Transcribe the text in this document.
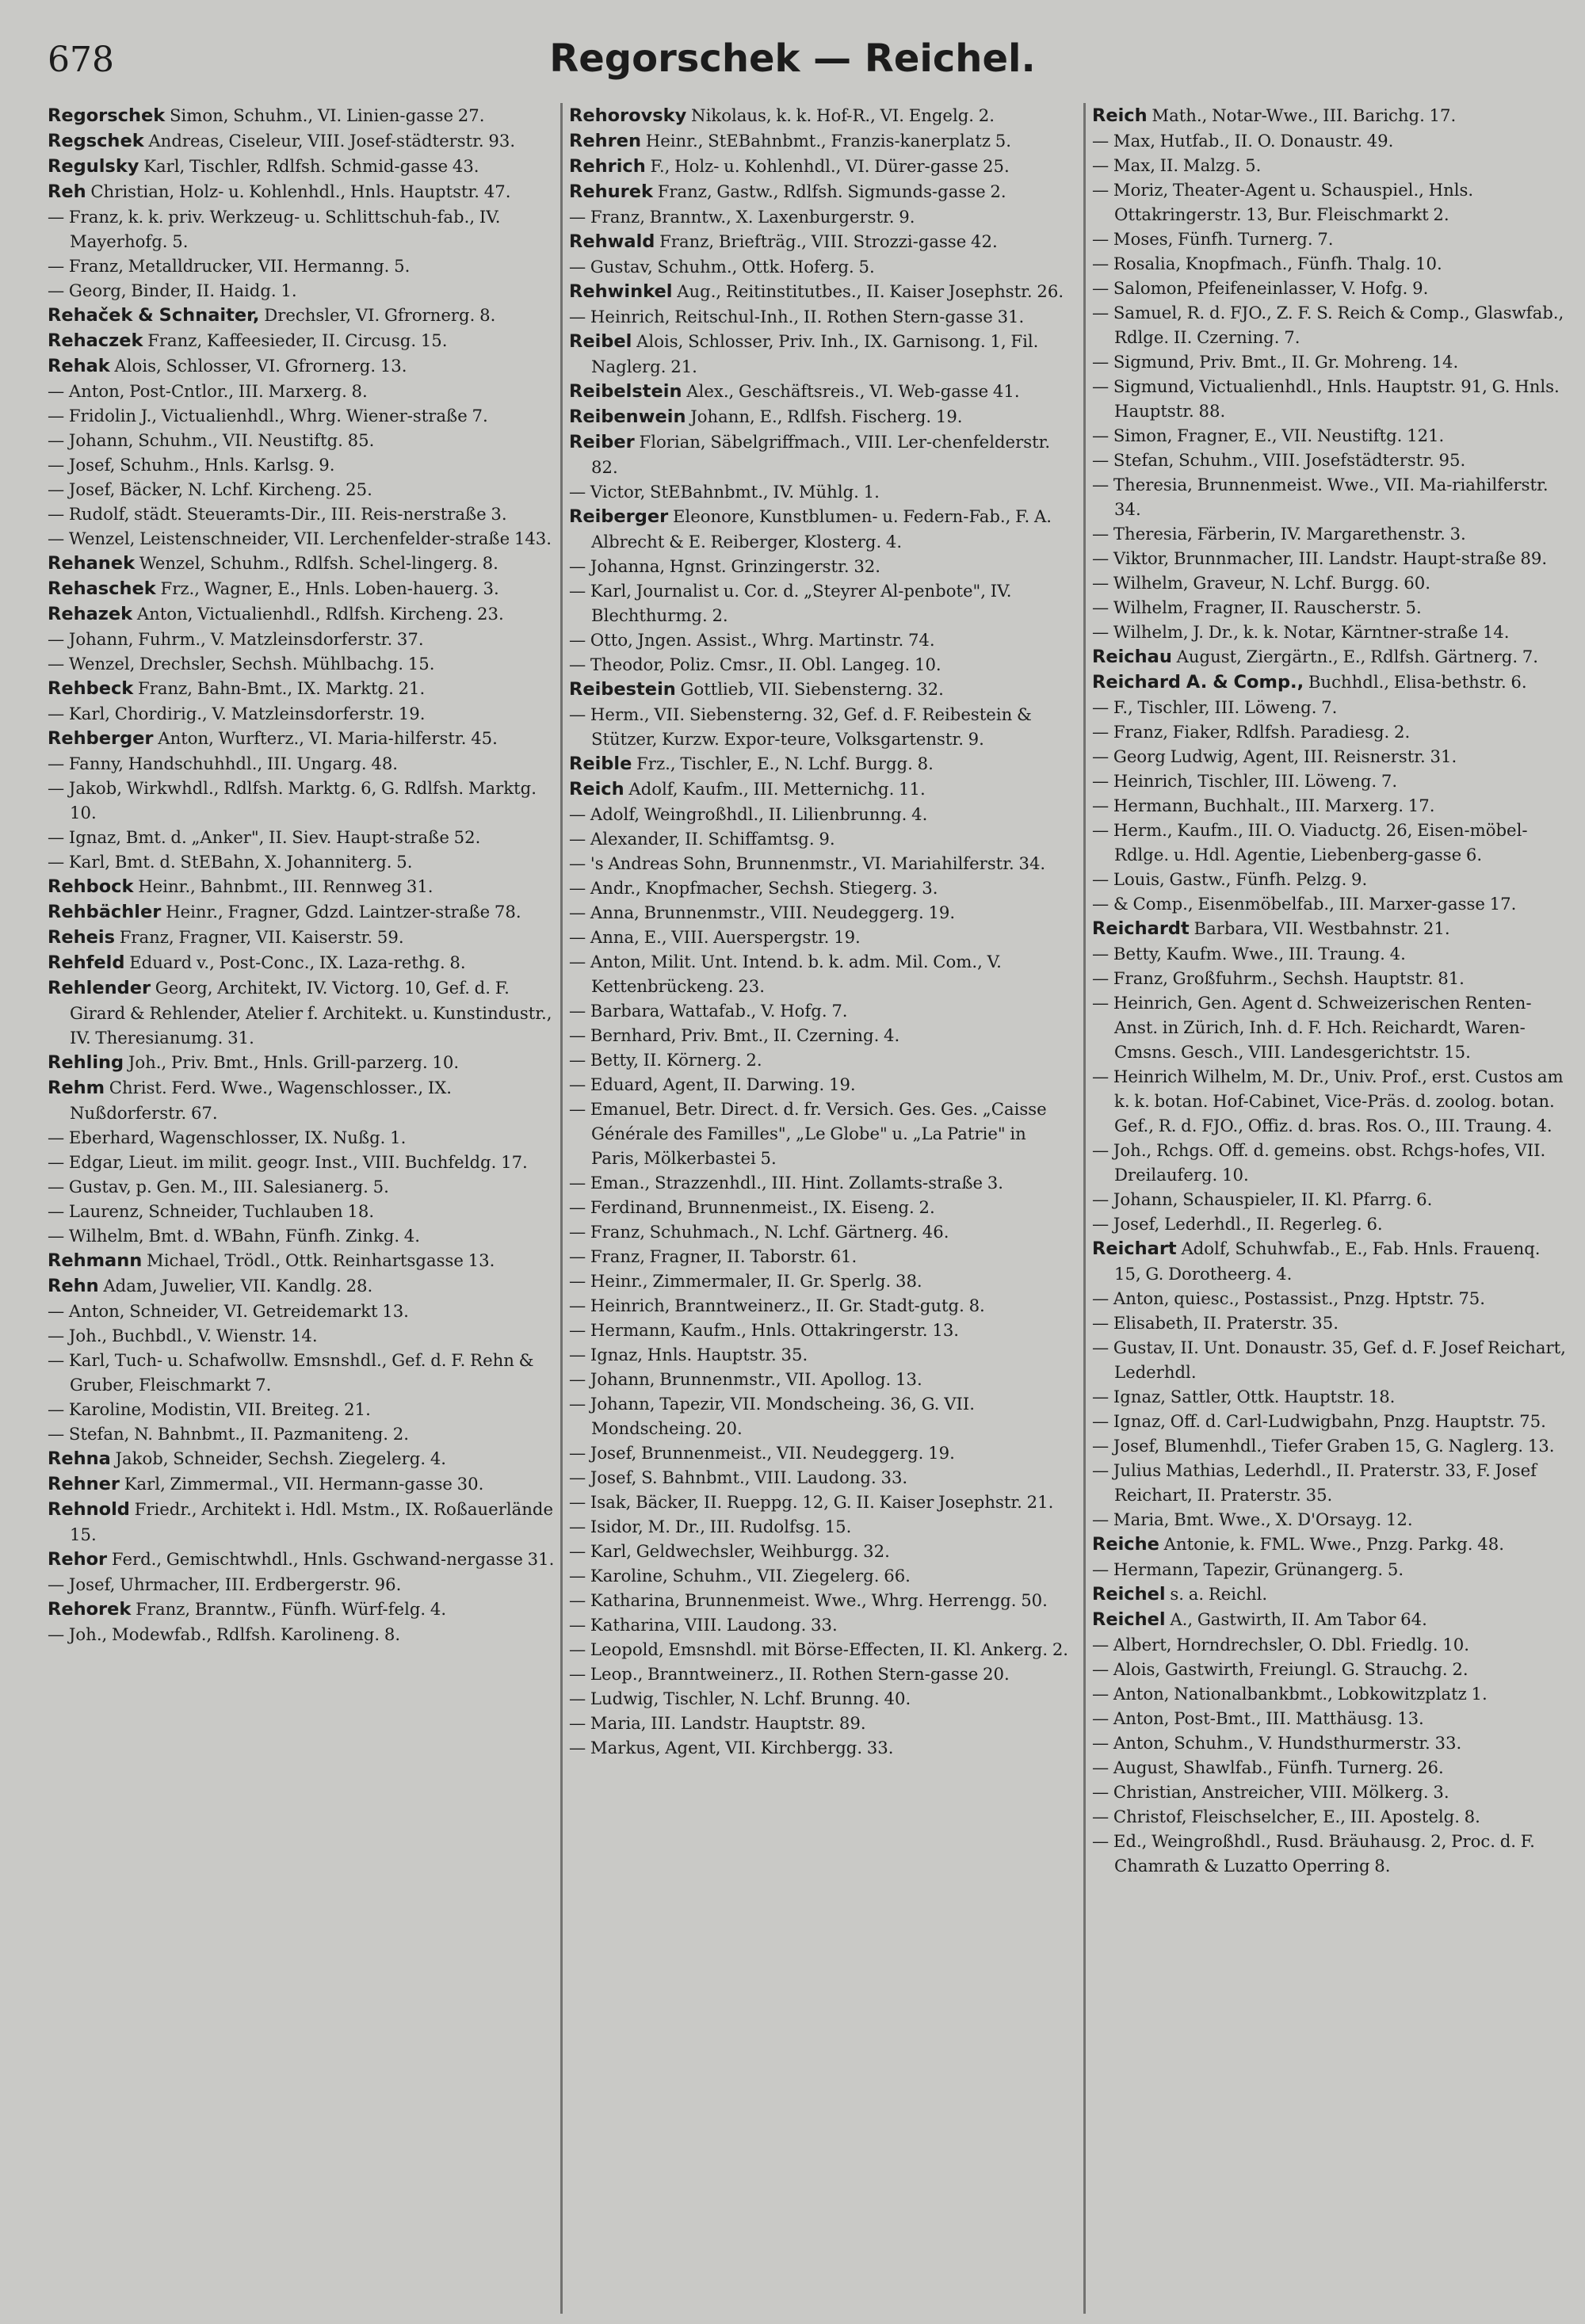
678	Regorschek — Reichel.

Regorschek Simon, Schuhm., VI. Linien-gasse 27.

Regschek Andreas, Ciseleur, VIII. Josef-städterstr. 93.

Regulsky Karl, Tischler, Rdlfsh. Schmid-gasse 43.

Reh Christian, Holz- u. Kohlenhdl., Hnls. Hauptstr. 47.

— Franz, k. k. priv. Werkzeug- u. Schlittschuh-fab., IV. Mayerhofg. 5.

— Franz, Metalldrucker, VII. Hermanng. 5.

— Georg, Binder, II. Haidg. 1.

Rehaček & Schnaiter, Drechsler, VI. Gfrornerg. 8.

Rehaczek Franz, Kaffeesieder, II. Circusg. 15.

Rehak Alois, Schlosser, VI. Gfrornerg. 13.

— Anton, Post-Cntlor., III. Marxerg. 8.

— Fridolin J., Victualienhdl., Whrg. Wiener-straße 7.

— Johann, Schuhm., VII. Neustiftg. 85.

— Josef, Schuhm., Hnls. Karlsg. 9.

— Josef, Bäcker, N. Lchf. Kircheng. 25.

— Rudolf, städt. Steueramts-Dir., III. Reis-nerstraße 3.

— Wenzel, Leistenschneider, VII. Lerchenfelder-straße 143.

Rehanek Wenzel, Schuhm., Rdlfsh. Schel-lingerg. 8.

Rehaschek Frz., Wagner, E., Hnls. Loben-hauerg. 3.

Rehazek Anton, Victualienhdl., Rdlfsh. Kircheng. 23.

— Johann, Fuhrm., V. Matzleinsdorferstr. 37.

— Wenzel, Drechsler, Sechsh. Mühlbachg. 15.

Rehbeck Franz, Bahn-Bmt., IX. Marktg. 21.

— Karl, Chordirig., V. Matzleinsdorferstr. 19.

Rehberger Anton, Wurfterz., VI. Maria-hilferstr. 45.

— Fanny, Handschuhhdl., III. Ungarg. 48.

— Jakob, Wirkwhdl., Rdlfsh. Marktg. 6, G. Rdlfsh. Marktg. 10.

— Ignaz, Bmt. d. „Anker", II. Siev. Haupt-straße 52.

— Karl, Bmt. d. StEBahn, X. Johanniterg. 5.

Rehbock Heinr., Bahnbmt., III. Rennweg 31.

Rehbächler Heinr., Fragner, Gdzd. Laintzer-straße 78.

Reheis Franz, Fragner, VII. Kaiserstr. 59.

Rehfeld Eduard v., Post-Conc., IX. Laza-rethg. 8.

Rehlender Georg, Architekt, IV. Victorg. 10, Gef. d. F. Girard & Rehlender, Atelier f. Architekt. u. Kunstindustr., IV. Theresianumg. 31.

Rehling Joh., Priv. Bmt., Hnls. Grill-parzerg. 10.

Rehm Christ. Ferd. Wwe., Wagenschlosser., IX. Nußdorferstr. 67.

— Eberhard, Wagenschlosser, IX. Nußg. 1.

— Edgar, Lieut. im milit. geogr. Inst., VIII. Buchfeldg. 17.

— Gustav, p. Gen. M., III. Salesianerg. 5.

— Laurenz, Schneider, Tuchlauben 18.

— Wilhelm, Bmt. d. WBahn, Fünfh. Zinkg. 4.

Rehmann Michael, Trödl., Ottk. Reinhartsgasse 13.

Rehn Adam, Juwelier, VII. Kandlg. 28.

— Anton, Schneider, VI. Getreidemarkt 13.

— Joh., Buchbdl., V. Wienstr. 14.

— Karl, Tuch- u. Schafwollw. Emsnshdl., Gef. d. F. Rehn & Gruber, Fleischmarkt 7.

— Karoline, Modistin, VII. Breiteg. 21.

— Stefan, N. Bahnbmt., II. Pazmaniteng. 2.

Rehna Jakob, Schneider, Sechsh. Ziegelerg. 4.

Rehner Karl, Zimmermal., VII. Hermann-gasse 30.

Rehnold Friedr., Architekt i. Hdl. Mstm., IX. Roßauerlände 15.

Rehor Ferd., Gemischtwhdl., Hnls. Gschwand-nergasse 31.

— Josef, Uhrmacher, III. Erdbergerstr. 96.

Rehorek Franz, Branntw., Fünfh. Würf-felg. 4.

— Joh., Modewfab., Rdlfsh. Karolineng. 8.

Rehorovsky Nikolaus, k. k. Hof-R., VI. Engelg. 2.

Rehren Heinr., StEBahnbmt., Franzis-kanerplatz 5.

Rehrich F., Holz- u. Kohlenhdl., VI. Dürer-gasse 25.

Rehurek Franz, Gastw., Rdlfsh. Sigmunds-gasse 2.

— Franz, Branntw., X. Laxenburgerstr. 9.

Rehwald Franz, Briefträg., VIII. Strozzi-gasse 42.

— Gustav, Schuhm., Ottk. Hoferg. 5.

Rehwinkel Aug., Reitinstitutbes., II. Kaiser Josephstr. 26.

— Heinrich, Reitschul-Inh., II. Rothen Stern-gasse 31.

Reibel Alois, Schlosser, Priv. Inh., IX. Garnisong. 1, Fil. Naglerg. 21.

Reibelstein Alex., Geschäftsreis., VI. Web-gasse 41.

Reibenwein Johann, E., Rdlfsh. Fischerg. 19.

Reiber Florian, Säbelgriffmach., VIII. Ler-chenfelderstr. 82.

— Victor, StEBahnbmt., IV. Mühlg. 1.

Reiberger Eleonore, Kunstblumen- u. Federn-Fab., F. A. Albrecht & E. Reiberger, Klosterg. 4.

— Johanna, Hgnst. Grinzingerstr. 32.

— Karl, Journalist u. Cor. d. „Steyrer Al-penbote", IV. Blechthurmg. 2.

— Otto, Jngen. Assist., Whrg. Martinstr. 74.

— Theodor, Poliz. Cmsr., II. Obl. Langeg. 10.

Reibestein Gottlieb, VII. Siebensterng. 32.

— Herm., VII. Siebensterng. 32, Gef. d. F. Reibestein & Stützer, Kurzw. Expor-teure, Volksgartenstr. 9.

Reible Frz., Tischler, E., N. Lchf. Burgg. 8.

Reich Adolf, Kaufm., III. Metternichg. 11.

— Adolf, Weingroßhdl., II. Lilienbrunng. 4.

— Alexander, II. Schiffamtsg. 9.

— 's Andreas Sohn, Brunnenmstr., VI. Mariahilferstr. 34.

— Andr., Knopfmacher, Sechsh. Stiegerg. 3.

— Anna, Brunnenmstr., VIII. Neudeggerg. 19.

— Anna, E., VIII. Auerspergstr. 19.

— Anton, Milit. Unt. Intend. b. k. adm. Mil. Com., V. Kettenbrückeng. 23.

— Barbara, Wattafab., V. Hofg. 7.

— Bernhard, Priv. Bmt., II. Czerning. 4.

— Betty, II. Körnerg. 2.

— Eduard, Agent, II. Darwing. 19.

— Emanuel, Betr. Direct. d. fr. Versich. Ges. Ges. „Caisse Générale des Familles", „Le Globe" u. „La Patrie" in Paris, Mölkerbastei 5.

— Eman., Strazzenhdl., III. Hint. Zollamts-straße 3.

— Ferdinand, Brunnenmeist., IX. Eiseng. 2.

— Franz, Schuhmach., N. Lchf. Gärtnerg. 46.

— Franz, Fragner, II. Taborstr. 61.

— Heinr., Zimmermaler, II. Gr. Sperlg. 38.

— Heinrich, Branntweinerz., II. Gr. Stadt-gutg. 8.

— Hermann, Kaufm., Hnls. Ottakringerstr. 13.

— Ignaz, Hnls. Hauptstr. 35.

— Johann, Brunnenmstr., VII. Apollog. 13.

— Johann, Tapezir, VII. Mondscheing. 36, G. VII. Mondscheing. 20.

— Josef, Brunnenmeist., VII. Neudeggerg. 19.

— Josef, S. Bahnbmt., VIII. Laudong. 33.

— Isak, Bäcker, II. Rueppg. 12, G. II. Kaiser Josephstr. 21.

— Isidor, M. Dr., III. Rudolfsg. 15.

— Karl, Geldwechsler, Weihburgg. 32.

— Karoline, Schuhm., VII. Ziegelerg. 66.

— Katharina, Brunnenmeist. Wwe., Whrg. Herrengg. 50.

— Katharina, VIII. Laudong. 33.

— Leopold, Emsnshdl. mit Börse-Effecten, II. Kl. Ankerg. 2.

— Leop., Branntweinerz., II. Rothen Stern-gasse 20.

— Ludwig, Tischler, N. Lchf. Brunng. 40.

— Maria, III. Landstr. Hauptstr. 89.

— Markus, Agent, VII. Kirchbergg. 33.

Reich Math., Notar-Wwe., III. Barichg. 17.

— Max, Hutfab., II. O. Donaustr. 49.

— Max, II. Malzg. 5.

— Moriz, Theater-Agent u. Schauspiel., Hnls. Ottakringerstr. 13, Bur. Fleischmarkt 2.

— Moses, Fünfh. Turnerg. 7.

— Rosalia, Knopfmach., Fünfh. Thalg. 10.

— Salomon, Pfeifeneinlasser, V. Hofg. 9.

— Samuel, R. d. FJO., Z. F. S. Reich & Comp., Glaswfab., Rdlge. II. Czerning. 7.

— Sigmund, Priv. Bmt., II. Gr. Mohreng. 14.

— Sigmund, Victualienhdl., Hnls. Hauptstr. 91, G. Hnls. Hauptstr. 88.

— Simon, Fragner, E., VII. Neustiftg. 121.

— Stefan, Schuhm., VIII. Josefstädterstr. 95.

— Theresia, Brunnenmeist. Wwe., VII. Ma-riahilferstr. 34.

— Theresia, Färberin, IV. Margarethenstr. 3.

— Viktor, Brunnmacher, III. Landstr. Haupt-straße 89.

— Wilhelm, Graveur, N. Lchf. Burgg. 60.

— Wilhelm, Fragner, II. Rauscherstr. 5.

— Wilhelm, J. Dr., k. k. Notar, Kärntner-straße 14.

Reichau August, Ziergärtn., E., Rdlfsh. Gärtnerg. 7.

Reichard A. & Comp., Buchhdl., Elisa-bethstr. 6.

— F., Tischler, III. Löweng. 7.

— Franz, Fiaker, Rdlfsh. Paradiesg. 2.

— Georg Ludwig, Agent, III. Reisnerstr. 31.

— Heinrich, Tischler, III. Löweng. 7.

— Hermann, Buchhalt., III. Marxerg. 17.

— Herm., Kaufm., III. O. Viaductg. 26, Eisen-möbel-Rdlge. u. Hdl. Agentie, Liebenberg-gasse 6.

— Louis, Gastw., Fünfh. Pelzg. 9.

— & Comp., Eisenmöbelfab., III. Marxer-gasse 17.

Reichardt Barbara, VII. Westbahnstr. 21.

— Betty, Kaufm. Wwe., III. Traung. 4.

— Franz, Großfuhrm., Sechsh. Hauptstr. 81.

— Heinrich, Gen. Agent d. Schweizerischen Renten-Anst. in Zürich, Inh. d. F. Hch. Reichardt, Waren-Cmsns. Gesch., VIII. Landesgerichtstr. 15.

— Heinrich Wilhelm, M. Dr., Univ. Prof., erst. Custos am k. k. botan. Hof-Cabinet, Vice-Präs. d. zoolog. botan. Gef., R. d. FJO., Offiz. d. bras. Ros. O., III. Traung. 4.

— Joh., Rchgs. Off. d. gemeins. obst. Rchgs-hofes, VII. Dreilauferg. 10.

— Johann, Schauspieler, II. Kl. Pfarrg. 6.

— Josef, Lederhdl., II. Regerleg. 6.

Reichart Adolf, Schuhwfab., E., Fab. Hnls. Frauenq. 15, G. Dorotheerg. 4.

— Anton, quiesc., Postassist., Pnzg. Hptstr. 75.

— Elisabeth, II. Praterstr. 35.

— Gustav, II. Unt. Donaustr. 35, Gef. d. F. Josef Reichart, Lederhdl.

— Ignaz, Sattler, Ottk. Hauptstr. 18.

— Ignaz, Off. d. Carl-Ludwigbahn, Pnzg. Hauptstr. 75.

— Josef, Blumenhdl., Tiefer Graben 15, G. Naglerg. 13.

— Julius Mathias, Lederhdl., II. Praterstr. 33, F. Josef Reichart, II. Praterstr. 35.

— Maria, Bmt. Wwe., X. D'Orsayg. 12.

Reiche Antonie, k. FML. Wwe., Pnzg. Parkg. 48.

— Hermann, Tapezir, Grünangerg. 5.

Reichel s. a. Reichl.

Reichel A., Gastwirth, II. Am Tabor 64.

— Albert, Horndrechsler, O. Dbl. Friedlg. 10.

— Alois, Gastwirth, Freiungl. G. Strauchg. 2.

— Anton, Nationalbankbmt., Lobkowitzplatz 1.

— Anton, Post-Bmt., III. Matthäusg. 13.

— Anton, Schuhm., V. Hundsthurmerstr. 33.

— August, Shawlfab., Fünfh. Turnerg. 26.

— Christian, Anstreicher, VIII. Mölkerg. 3.

— Christof, Fleischselcher, E., III. Apostelg. 8.

— Ed., Weingroßhdl., Rusd. Bräuhausg. 2, Proc. d. F. Chamrath & Luzatto Operring 8.
